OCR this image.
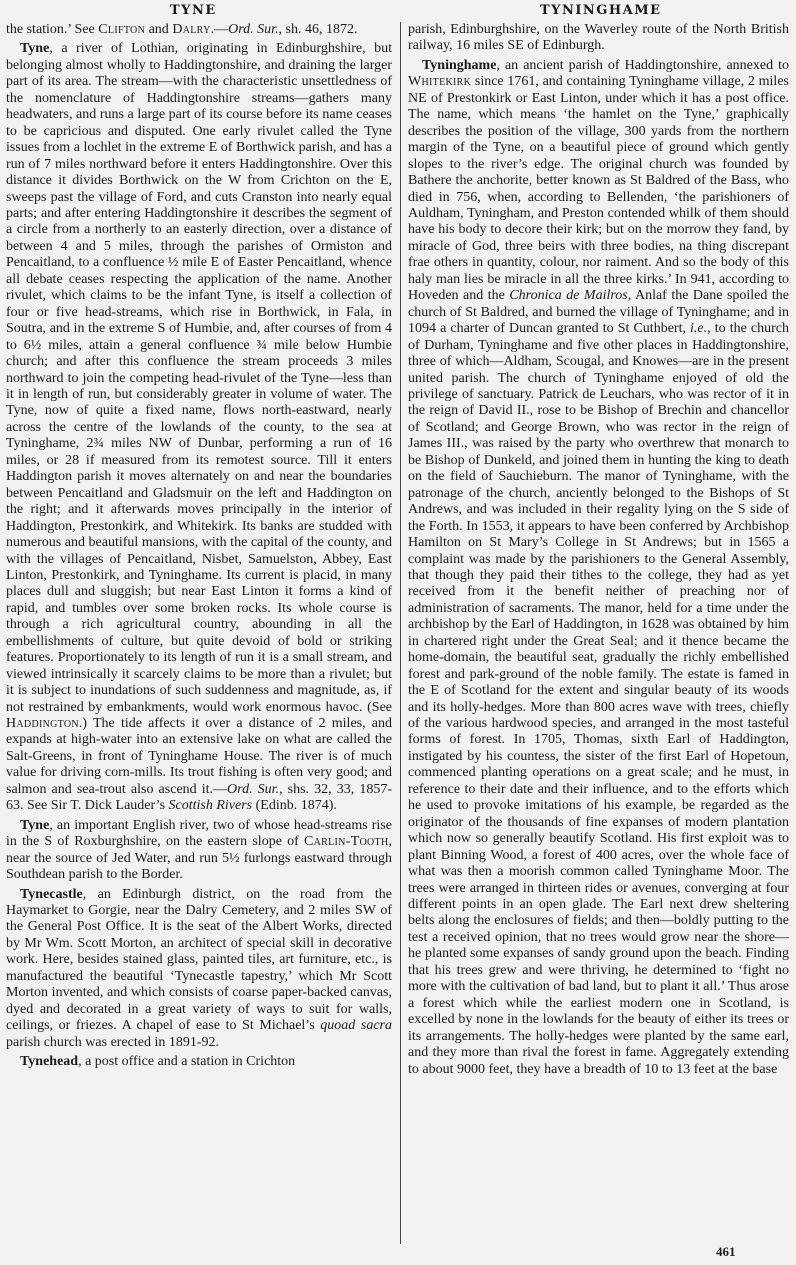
TYNE	TYNINGHAME

the station.’ See Clifton and Dalry.—Ord. Sur., sh. 46, 1872.

Tyne, a river of Lothian, originating in Edinburghshire, but belonging almost wholly to Haddingtonshire, and draining the larger part of its area. The stream—with the characteristic unsettledness of the nomenclature of Haddingtonshire streams—gathers many headwaters, and runs a large part of its course before its name ceases to be capricious and disputed. One early rivulet called the Tyne issues from a lochlet in the extreme E of Borthwick parish, and has a run of 7 miles northward before it enters Haddingtonshire. Over this distance it divides Borthwick on the W from Crichton on the E, sweeps past the village of Ford, and cuts Cranston into nearly equal parts; and after entering Haddingtonshire it describes the segment of a circle from a northerly to an easterly direction, over a distance of between 4 and 5 miles, through the parishes of Ormiston and Pencaitland, to a confluence ½ mile E of Easter Pencaitland, whence all debate ceases respecting the application of the name. Another rivulet, which claims to be the infant Tyne, is itself a collection of four or five head-streams, which rise in Borthwick, in Fala, in Soutra, and in the extreme S of Humbie, and, after courses of from 4 to 6½ miles, attain a general confluence ¾ mile below Humbie church; and after this confluence the stream proceeds 3 miles northward to join the competing head-rivulet of the Tyne—less than it in length of run, but considerably greater in volume of water. The Tyne, now of quite a fixed name, flows north-eastward, nearly across the centre of the lowlands of the county, to the sea at Tyninghame, 2¾ miles NW of Dunbar, performing a run of 16 miles, or 28 if measured from its remotest source. Till it enters Haddington parish it moves alternately on and near the boundaries between Pencaitland and Gladsmuir on the left and Haddington on the right; and it afterwards moves principally in the interior of Haddington, Prestonkirk, and Whitekirk. Its banks are studded with numerous and beautiful mansions, with the capital of the county, and with the villages of Pencaitland, Nisbet, Samuelston, Abbey, East Linton, Prestonkirk, and Tyninghame. Its current is placid, in many places dull and sluggish; but near East Linton it forms a kind of rapid, and tumbles over some broken rocks. Its whole course is through a rich agricultural country, abounding in all the embellishments of culture, but quite devoid of bold or striking features. Proportionately to its length of run it is a small stream, and viewed intrinsically it scarcely claims to be more than a rivulet; but it is subject to inundations of such suddenness and magnitude, as, if not restrained by embankments, would work enormous havoc. (See Haddington.) The tide affects it over a distance of 2 miles, and expands at high-water into an extensive lake on what are called the Salt-Greens, in front of Tyninghame House. The river is of much value for driving corn-mills. Its trout fishing is often very good; and salmon and sea-trout also ascend it.—Ord. Sur., shs. 32, 33, 1857-63. See Sir T. Dick Lauder’s Scottish Rivers (Edinb. 1874).

Tyne, an important English river, two of whose head-streams rise in the S of Roxburghshire, on the eastern slope of Carlin-Tooth, near the source of Jed Water, and run 5½ furlongs eastward through Southdean parish to the Border.

Tynecastle, an Edinburgh district, on the road from the Haymarket to Gorgie, near the Dalry Cemetery, and 2 miles SW of the General Post Office. It is the seat of the Albert Works, directed by Mr Wm. Scott Morton, an architect of special skill in decorative work. Here, besides stained glass, painted tiles, art furniture, etc., is manufactured the beautiful ‘Tynecastle tapestry,’ which Mr Scott Morton invented, and which consists of coarse paper-backed canvas, dyed and decorated in a great variety of ways to suit for walls, ceilings, or friezes. A chapel of ease to St Michael’s quoad sacra parish church was erected in 1891-92.

Tynehead, a post office and a station in Crichton

parish, Edinburghshire, on the Waverley route of the North British railway, 16 miles SE of Edinburgh.

Tyninghame, an ancient parish of Haddingtonshire, annexed to Whitekirk since 1761, and containing Tyninghame village, 2 miles NE of Prestonkirk or East Linton, under which it has a post office. The name, which means ‘the hamlet on the Tyne,’ graphically describes the position of the village, 300 yards from the northern margin of the Tyne, on a beautiful piece of ground which gently slopes to the river’s edge. The original church was founded by Bathere the anchorite, better known as St Baldred of the Bass, who died in 756, when, according to Bellenden, ‘the parishioners of Auldham, Tyningham, and Preston contended whilk of them should have his body to decore their kirk; but on the morrow they fand, by miracle of God, three beirs with three bodies, na thing discrepant frae others in quantity, colour, nor raiment. And so the body of this haly man lies be miracle in all the three kirks.’ In 941, according to Hoveden and the Chronica de Mailros, Anlaf the Dane spoiled the church of St Baldred, and burned the village of Tyninghame; and in 1094 a charter of Duncan granted to St Cuthbert, i.e., to the church of Durham, Tyninghame and five other places in Haddingtonshire, three of which—Aldham, Scougal, and Knowes—are in the present united parish. The church of Tyninghame enjoyed of old the privilege of sanctuary. Patrick de Leuchars, who was rector of it in the reign of David II., rose to be Bishop of Brechin and chancellor of Scotland; and George Brown, who was rector in the reign of James III., was raised by the party who overthrew that monarch to be Bishop of Dunkeld, and joined them in hunting the king to death on the field of Sauchieburn. The manor of Tyninghame, with the patronage of the church, anciently belonged to the Bishops of St Andrews, and was included in their regality lying on the S side of the Forth. In 1553, it appears to have been conferred by Archbishop Hamilton on St Mary’s College in St Andrews; but in 1565 a complaint was made by the parishioners to the General Assembly, that though they paid their tithes to the college, they had as yet received from it the benefit neither of preaching nor of administration of sacraments. The manor, held for a time under the archbishop by the Earl of Haddington, in 1628 was obtained by him in chartered right under the Great Seal; and it thence became the home-domain, the beautiful seat, gradually the richly embellished forest and park-ground of the noble family. The estate is famed in the E of Scotland for the extent and singular beauty of its woods and its holly-hedges. More than 800 acres wave with trees, chiefly of the various hardwood species, and arranged in the most tasteful forms of forest. In 1705, Thomas, sixth Earl of Haddington, instigated by his countess, the sister of the first Earl of Hopetoun, commenced planting operations on a great scale; and he must, in reference to their date and their influence, and to the efforts which he used to provoke imitations of his example, be regarded as the originator of the thousands of fine expanses of modern plantation which now so generally beautify Scotland. His first exploit was to plant Binning Wood, a forest of 400 acres, over the whole face of what was then a moorish common called Tyninghame Moor. The trees were arranged in thirteen rides or avenues, converging at four different points in an open glade. The Earl next drew sheltering belts along the enclosures of fields; and then—boldly putting to the test a received opinion, that no trees would grow near the shore—he planted some expanses of sandy ground upon the beach. Finding that his trees grew and were thriving, he determined to ‘fight no more with the cultivation of bad land, but to plant it all.’ Thus arose a forest which while the earliest modern one in Scotland, is excelled by none in the lowlands for the beauty of either its trees or its arrangements. The holly-hedges were planted by the same earl, and they more than rival the forest in fame. Aggregately extending to about 9000 feet, they have a breadth of 10 to 13 feet at the base

461
